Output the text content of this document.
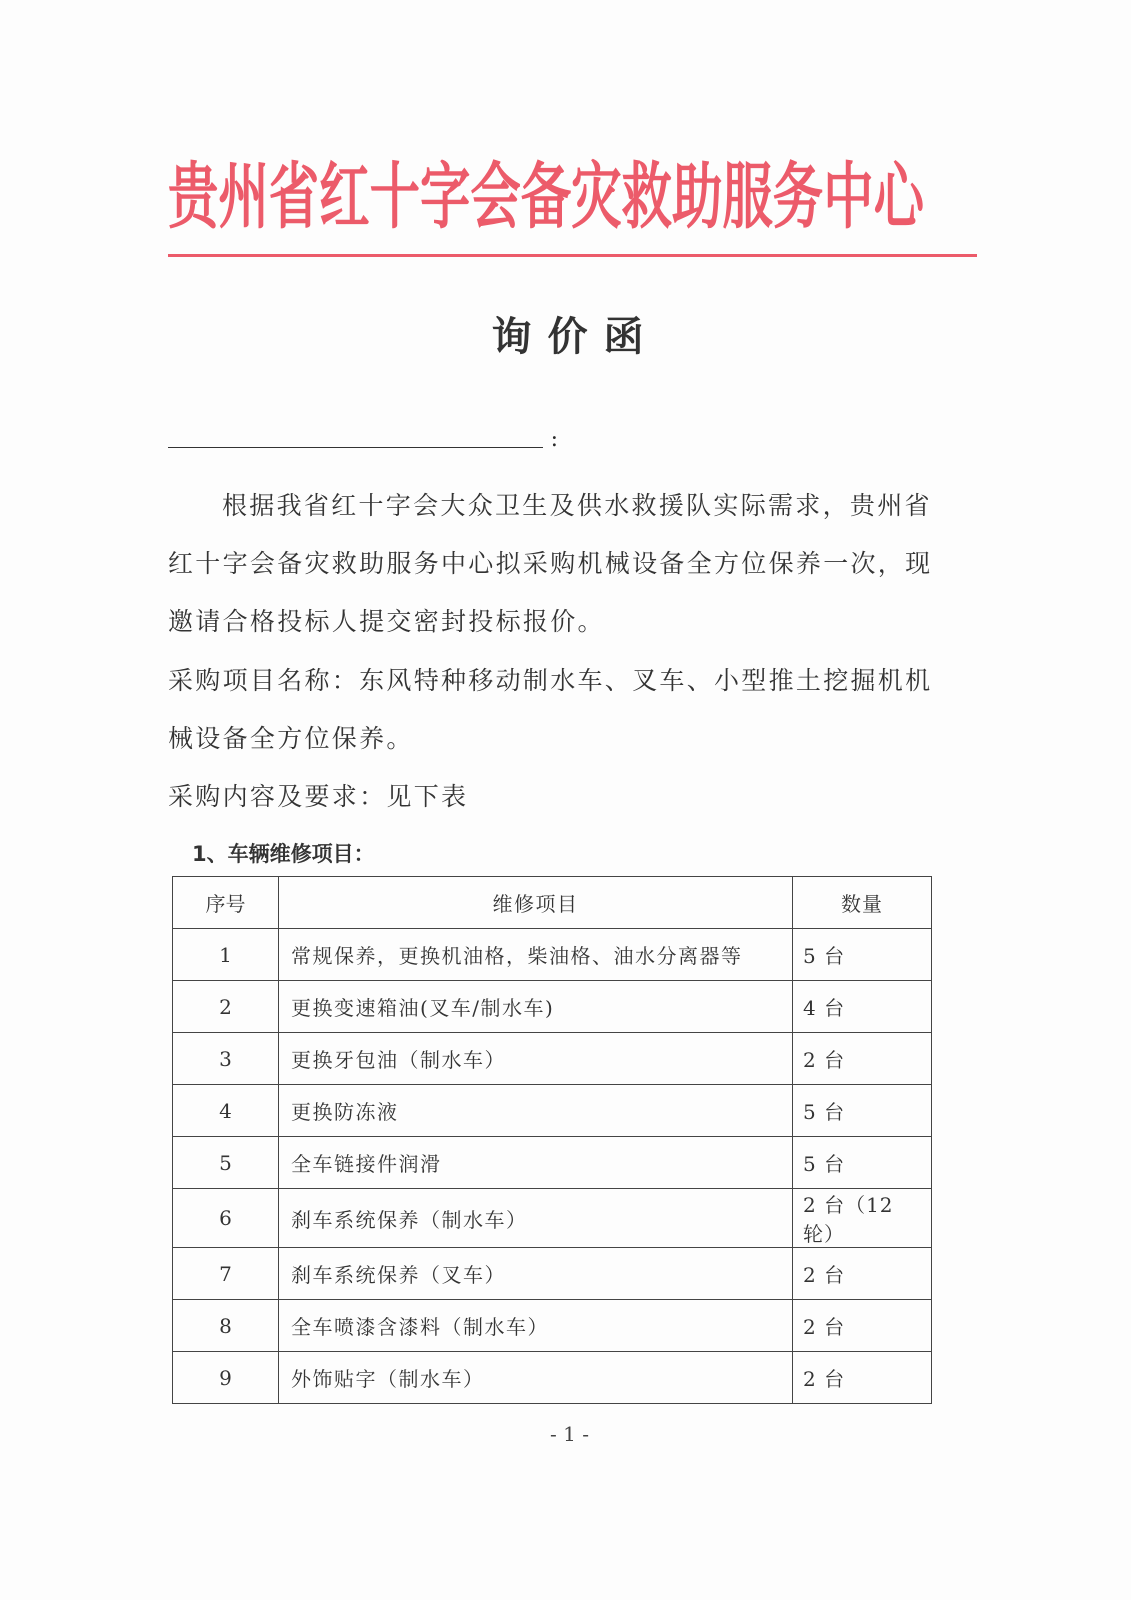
贵州省红十字会备灾救助服务中心
询价函
:
根据我省红十字会大众卫生及供水救援队实际需求，贵州省红十字会备灾救助服务中心拟采购机械设备全方位保养一次，现邀请合格投标人提交密封投标报价。
采购项目名称：东风特种移动制水车、叉车、小型推土挖掘机机械设备全方位保养。
采购内容及要求：见下表
1、车辆维修项目：
序号	维修项目	数量
1	常规保养，更换机油格，柴油格、油水分离器等	5 台
2	更换变速箱油(叉车/制水车)	4 台
3	更换牙包油（制水车）	2 台
4	更换防冻液	5 台
5	全车链接件润滑	5 台
6	刹车系统保养（制水车）	2 台（12 轮）
7	刹车系统保养（叉车）	2 台
8	全车喷漆含漆料（制水车）	2 台
9	外饰贴字（制水车）	2 台
- 1 -
